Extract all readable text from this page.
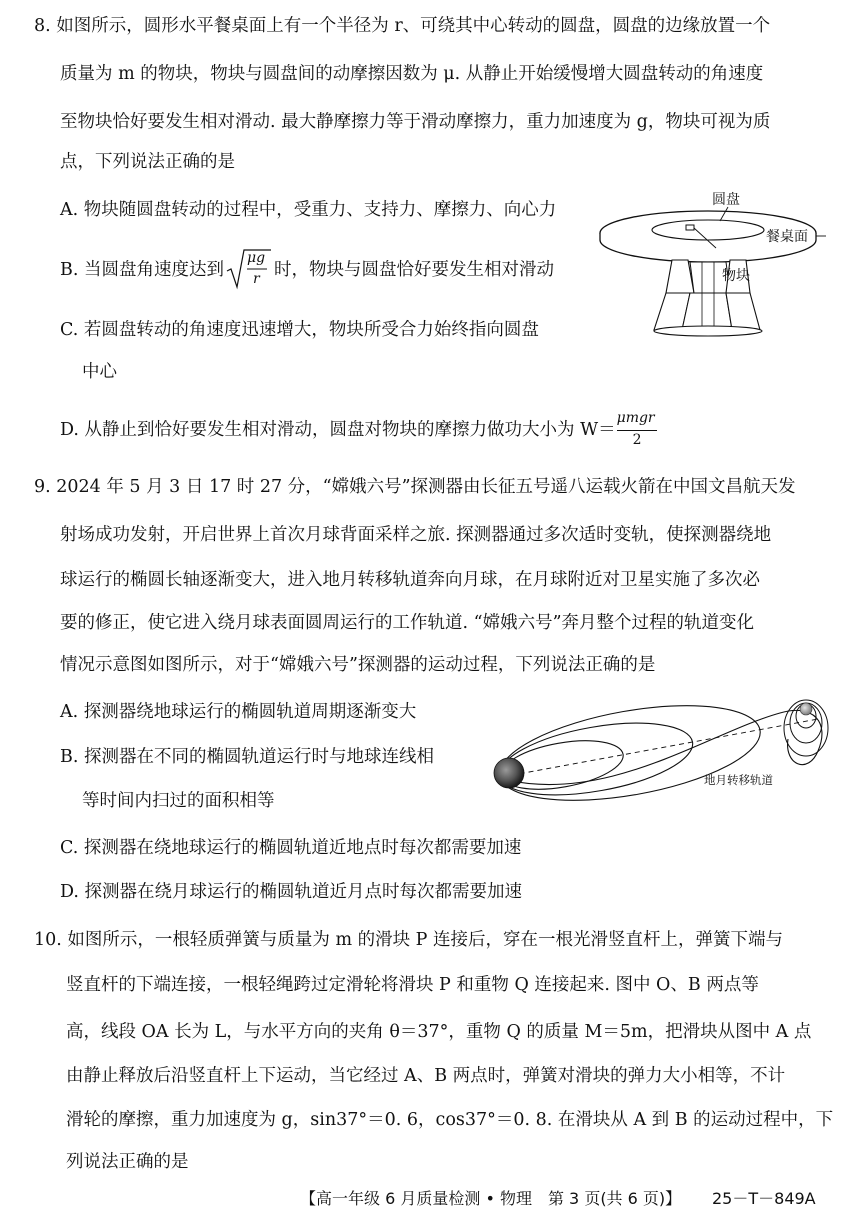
8. 如图所示，圆形水平餐桌面上有一个半径为 r、可绕其中心转动的圆盘，圆盘的边缘放置一个
质量为 m 的物块，物块与圆盘间的动摩擦因数为 μ. 从静止开始缓慢增大圆盘转动的角速度
至物块恰好要发生相对滑动. 最大静摩擦力等于滑动摩擦力，重力加速度为 g，物块可视为质
点，下列说法正确的是
A. 物块随圆盘转动的过程中，受重力、支持力、摩擦力、向心力
B. 当圆盘角速度达到
μg
r 时，物块与圆盘恰好要发生相对滑动
C. 若圆盘转动的角速度迅速增大，物块所受合力始终指向圆盘
中心
D. 从静止到恰好要发生相对滑动，圆盘对物块的摩擦力做功大小为 W＝
μmgr
2
圆盘
餐桌面
物块
9. 2024 年 5 月 3 日 17 时 27 分，“嫦娥六号”探测器由长征五号遥八运载火箭在中国文昌航天发
射场成功发射，开启世界上首次月球背面采样之旅. 探测器通过多次适时变轨，使探测器绕地
球运行的椭圆长轴逐渐变大，进入地月转移轨道奔向月球，在月球附近对卫星实施了多次必
要的修正，使它进入绕月球表面圆周运行的工作轨道. “嫦娥六号”奔月整个过程的轨道变化
情况示意图如图所示，对于“嫦娥六号”探测器的运动过程，下列说法正确的是
A. 探测器绕地球运行的椭圆轨道周期逐渐变大
B. 探测器在不同的椭圆轨道运行时与地球连线相
等时间内扫过的面积相等
C. 探测器在绕地球运行的椭圆轨道近地点时每次都需要加速
D. 探测器在绕月球运行的椭圆轨道近月点时每次都需要加速
地月转移轨道
10. 如图所示，一根轻质弹簧与质量为 m 的滑块 P 连接后，穿在一根光滑竖直杆上，弹簧下端与
竖直杆的下端连接，一根轻绳跨过定滑轮将滑块 P 和重物 Q 连接起来. 图中 O、B 两点等
高，线段 OA 长为 L，与水平方向的夹角 θ＝37°，重物 Q 的质量 M＝5m，把滑块从图中 A 点
由静止释放后沿竖直杆上下运动，当它经过 A、B 两点时，弹簧对滑块的弹力大小相等，不计
滑轮的摩擦，重力加速度为 g，sin37°＝0. 6，cos37°＝0. 8. 在滑块从 A 到 B 的运动过程中，下
列说法正确的是
【高一年级 6 月质量检测 • 物理　第 3 页(共 6 页)】 25－T－849A
